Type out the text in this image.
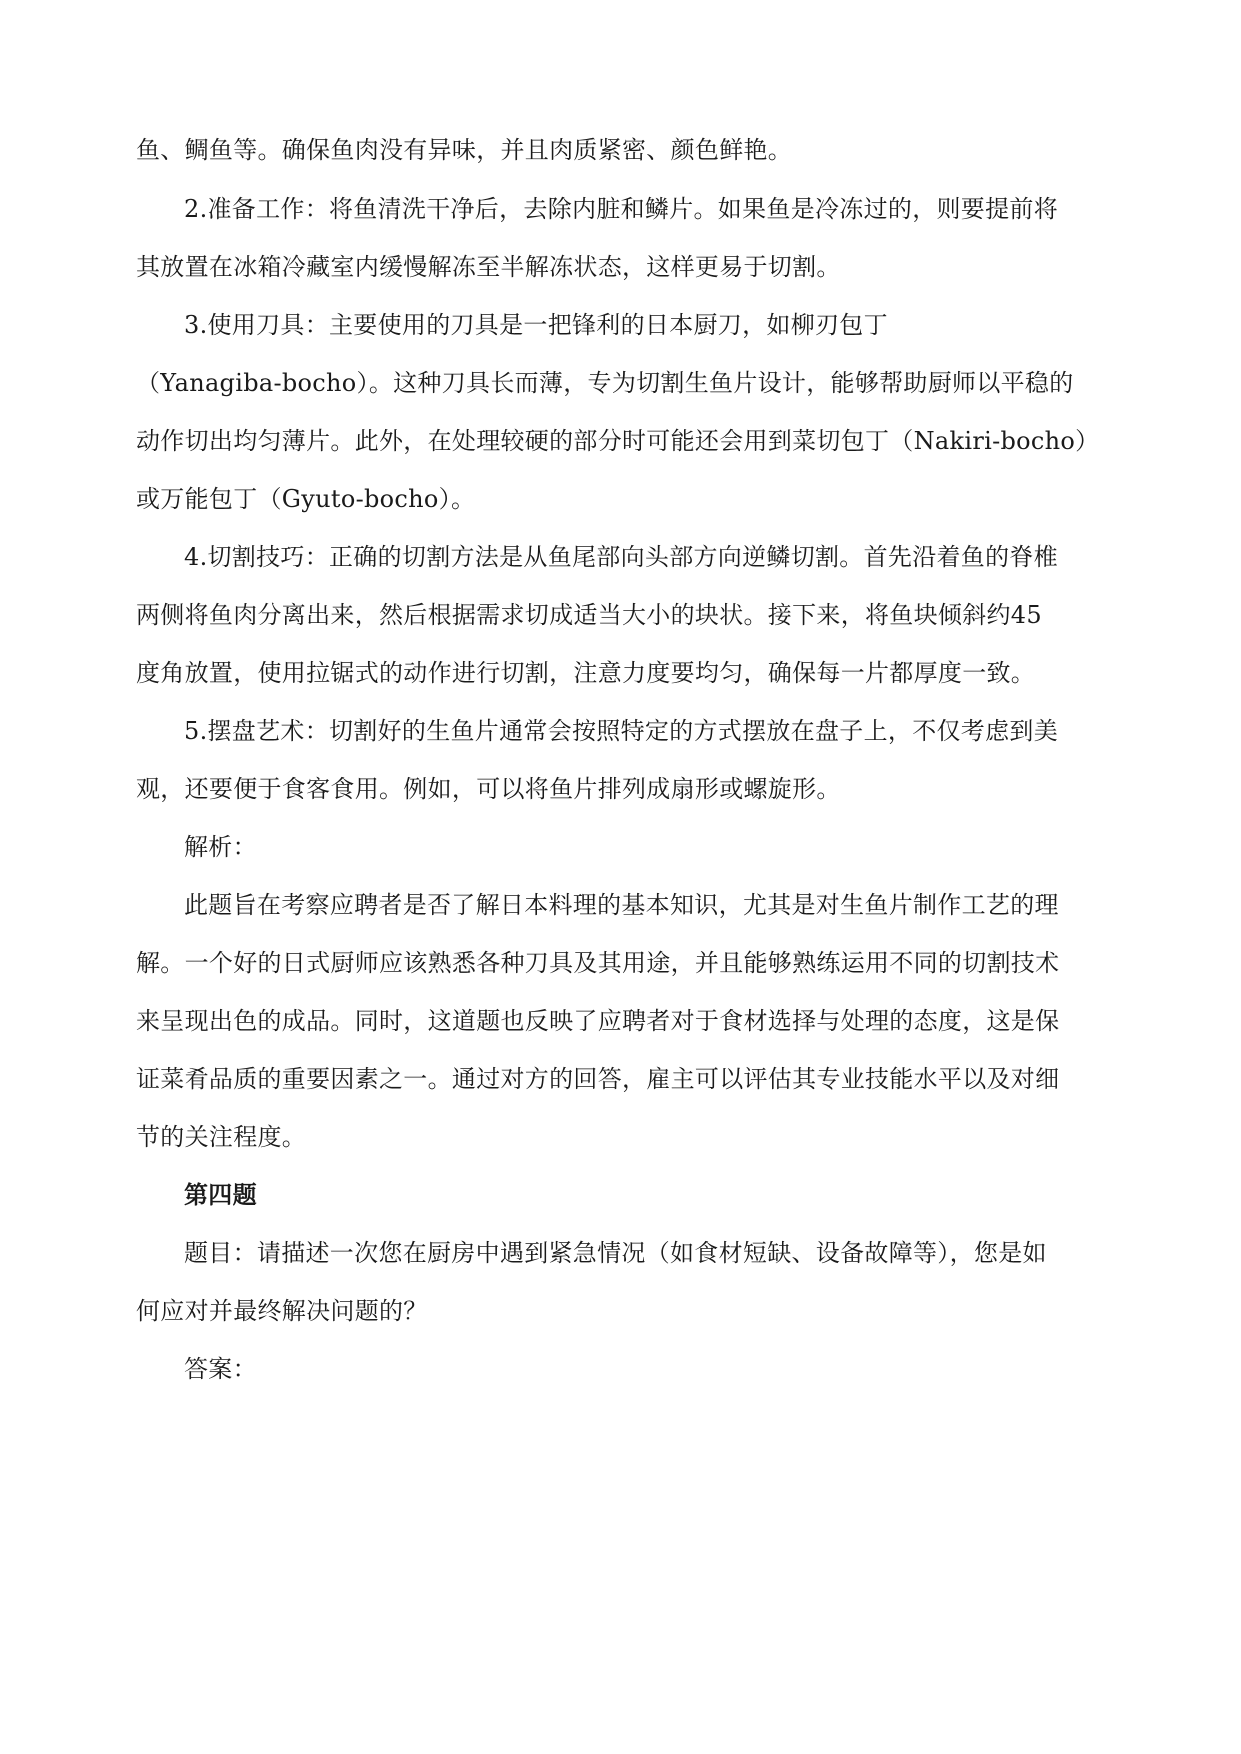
鱼、鲷鱼等。确保鱼肉没有异味，并且肉质紧密、颜色鲜艳。
2.准备工作：将鱼清洗干净后，去除内脏和鳞片。如果鱼是冷冻过的，则要提前将
其放置在冰箱冷藏室内缓慢解冻至半解冻状态，这样更易于切割。
3.使用刀具：主要使用的刀具是一把锋利的日本厨刀，如柳刃包丁
（Yanagiba-bocho）。这种刀具长而薄，专为切割生鱼片设计，能够帮助厨师以平稳的
动作切出均匀薄片。此外，在处理较硬的部分时可能还会用到菜切包丁（Nakiri-bocho）
或万能包丁（Gyuto-bocho）。
4.切割技巧：正确的切割方法是从鱼尾部向头部方向逆鳞切割。首先沿着鱼的脊椎
两侧将鱼肉分离出来，然后根据需求切成适当大小的块状。接下来，将鱼块倾斜约45
度角放置，使用拉锯式的动作进行切割，注意力度要均匀，确保每一片都厚度一致。
5.摆盘艺术：切割好的生鱼片通常会按照特定的方式摆放在盘子上，不仅考虑到美
观，还要便于食客食用。例如，可以将鱼片排列成扇形或螺旋形。
解析：
此题旨在考察应聘者是否了解日本料理的基本知识，尤其是对生鱼片制作工艺的理
解。一个好的日式厨师应该熟悉各种刀具及其用途，并且能够熟练运用不同的切割技术
来呈现出色的成品。同时，这道题也反映了应聘者对于食材选择与处理的态度，这是保
证菜肴品质的重要因素之一。通过对方的回答，雇主可以评估其专业技能水平以及对细
节的关注程度。
第四题
题目：请描述一次您在厨房中遇到紧急情况（如食材短缺、设备故障等），您是如
何应对并最终解决问题的？
答案：
